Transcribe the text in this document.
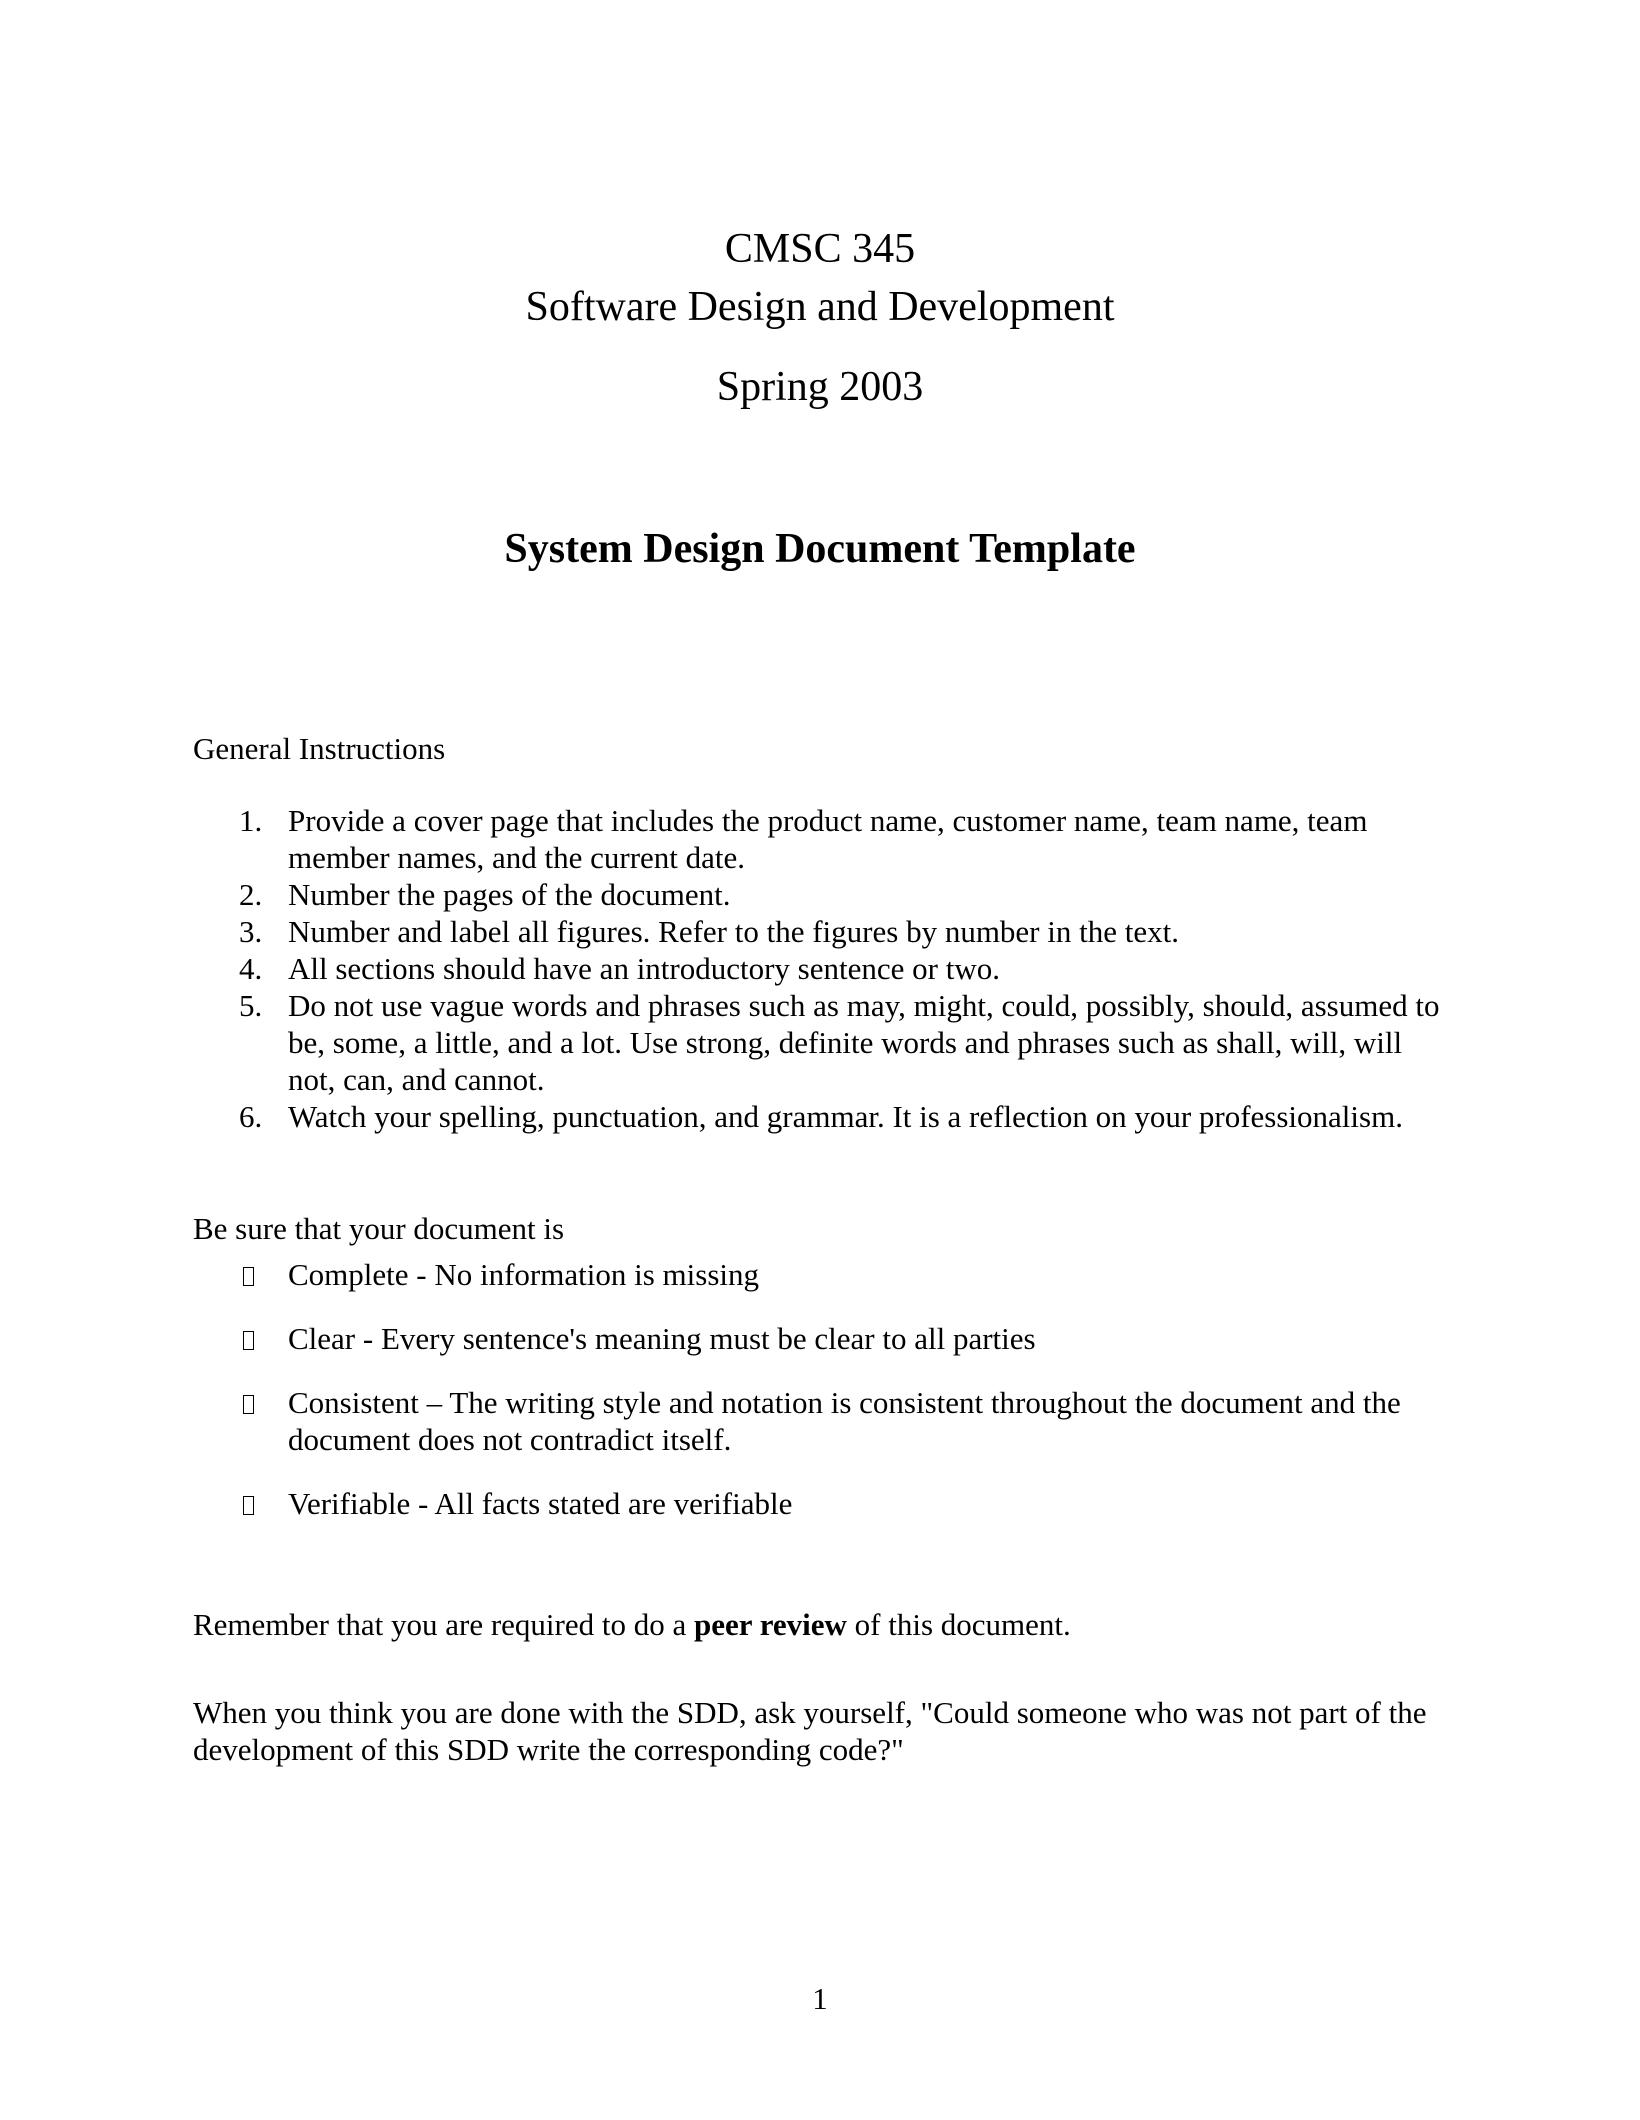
CMSC 345
Software Design and Development
Spring 2003
System Design Document Template
General Instructions
1. Provide a cover page that includes the product name, customer name, team name, team member names, and the current date.
2. Number the pages of the document.
3. Number and label all figures. Refer to the figures by number in the text.
4. All sections should have an introductory sentence or two.
5. Do not use vague words and phrases such as may, might, could, possibly, should, assumed to be, some, a little, and a lot. Use strong, definite words and phrases such as shall, will, will not, can, and cannot.
6. Watch your spelling, punctuation, and grammar. It is a reflection on your professionalism.
Be sure that your document is
Complete - No information is missing
Clear - Every sentence's meaning must be clear to all parties
Consistent – The writing style and notation is consistent throughout the document and the document does not contradict itself.
Verifiable - All facts stated are verifiable
Remember that you are required to do a peer review of this document.
When you think you are done with the SDD, ask yourself, "Could someone who was not part of the development of this SDD write the corresponding code?"
1
